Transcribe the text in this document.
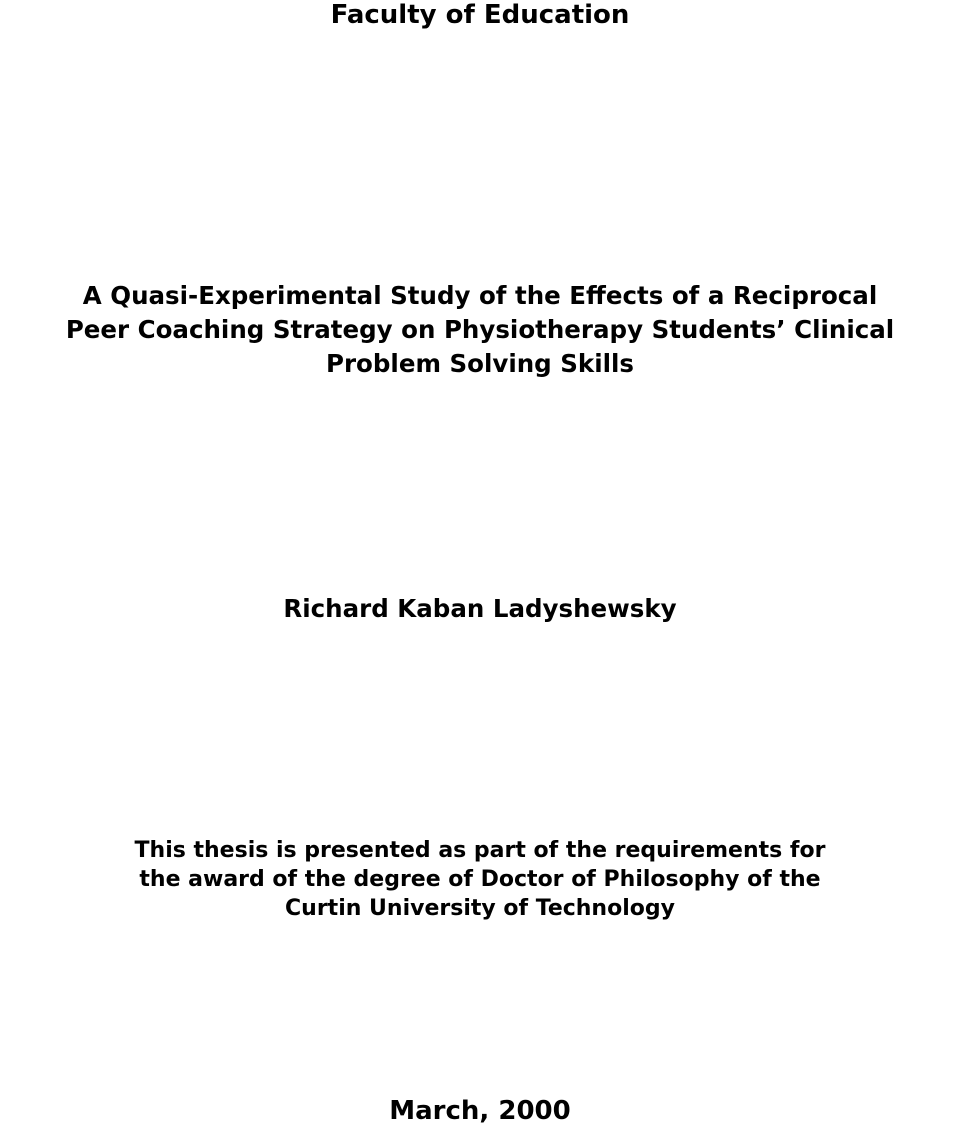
Faculty of Education
A Quasi-Experimental Study of the Effects of a Reciprocal
Peer Coaching Strategy on Physiotherapy Students’ Clinical
Problem Solving Skills

Richard Kaban Ladyshewsky

This thesis is presented as part of the requirements for
the award of the degree of Doctor of Philosophy of the
Curtin University of Technology

March, 2000
